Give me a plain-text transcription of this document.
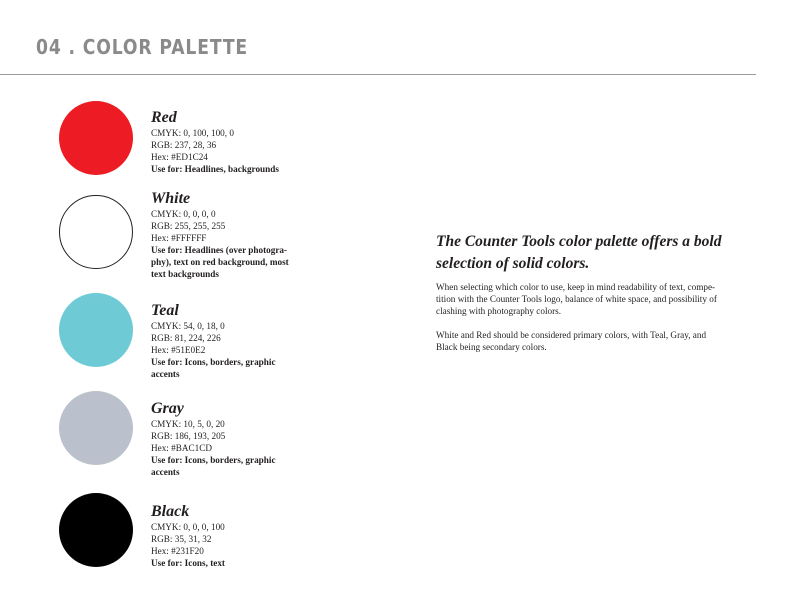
04 . COLOR PALETTE
Red
CMYK: 0, 100, 100, 0
RGB: 237, 28, 36
Hex: #ED1C24
Use for: Headlines, backgrounds
White
CMYK: 0, 0, 0, 0
RGB: 255, 255, 255
Hex: #FFFFFF
Use for: Headlines (over photogra-
phy), text on red background, most
text backgrounds
Teal
CMYK: 54, 0, 18, 0
RGB: 81, 224, 226
Hex: #51E0E2
Use for: Icons, borders, graphic
accents
Gray
CMYK: 10, 5, 0, 20
RGB: 186, 193, 205
Hex: #BAC1CD
Use for: Icons, borders, graphic
accents
Black
CMYK: 0, 0, 0, 100
RGB: 35, 31, 32
Hex: #231F20
Use for: Icons, text
The Counter Tools color palette offers a bold
selection of solid colors.
When selecting which color to use, keep in mind readability of text, compe-
tition with the Counter Tools logo, balance of white space, and possibility of
clashing with photography colors.
White and Red should be considered primary colors, with Teal, Gray, and
Black being secondary colors.
